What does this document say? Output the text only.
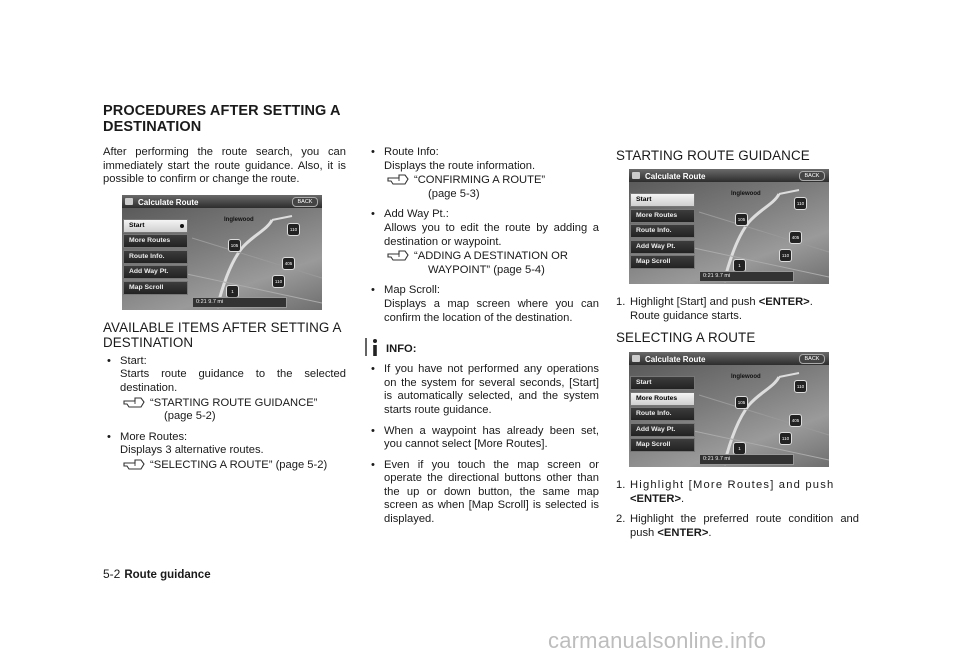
PROCEDURES AFTER SETTING A DESTINATION

After performing the route search, you can immediately start the route guidance. Also, it is possible to confirm or change the route.

Calculate Route	BACK
Inglewood
105
110
405
110
1
Start
More Routes
Route Info.
Add Way Pt.
Map Scroll
0:21 9.7 mi

AVAILABLE ITEMS AFTER SETTING A DESTINATION

• Start:
Starts route guidance to the selected destination.
“STARTING ROUTE GUIDANCE”
(page 5-2)
• More Routes:
Displays 3 alternative routes.
“SELECTING A ROUTE” (page 5-2)
• Route Info:
Displays the route information.
“CONFIRMING A ROUTE”
(page 5-3)
• Add Way Pt.:
Allows you to edit the route by adding a destination or waypoint.
“ADDING A DESTINATION OR
WAYPOINT” (page 5-4)
• Map Scroll:
Displays a map screen where you can confirm the location of the destination.
INFO:
• If you have not performed any operations on the system for several seconds, [Start] is automatically selected, and the system starts route guidance.
• When a waypoint has already been set, you cannot select [More Routes].
• Even if you touch the map screen or operate the directional buttons other than the up or down button, the same map screen as when [Map Scroll] is selected is displayed.

STARTING ROUTE GUIDANCE

Calculate Route	BACK
Inglewood
105
110
405
110
1
Start
More Routes
Route Info.
Add Way Pt.
Map Scroll
0:21 9.7 mi
1. Highlight [Start] and push <ENTER>.
Route guidance starts.

SELECTING A ROUTE

Calculate Route	BACK
Inglewood
105
110
405
110
1
Start
More Routes
Route Info.
Add Way Pt.
Map Scroll
0:21 9.7 mi
1. Highlight [More Routes] and push
<ENTER>.
2. Highlight the preferred route condition and push <ENTER>.
5-2 Route guidance
carmanualsonline.info
